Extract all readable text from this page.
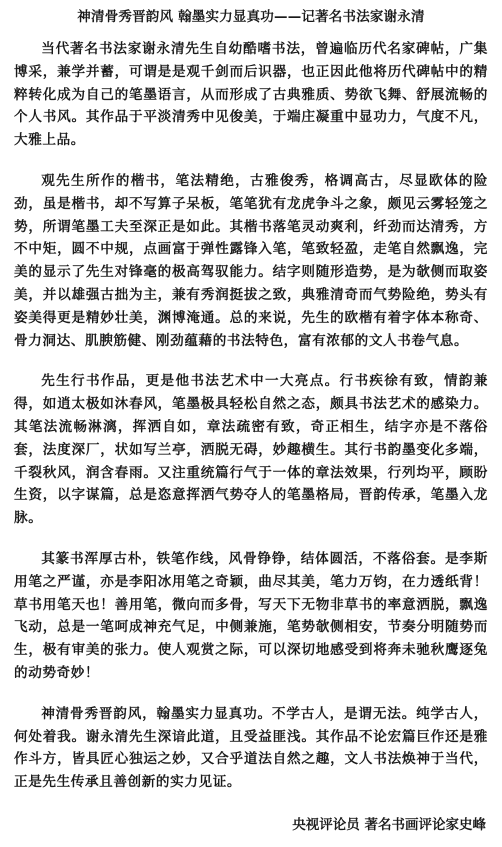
神清骨秀晋韵风 翰墨实力显真功——记著名书法家谢永清

当代著名书法家谢永清先生自幼酷嗜书法，曾遍临历代名家碑帖，广集博采，兼学并蓄，可谓是是观千剑而后识器，也正因此他将历代碑帖中的精粹转化成为自己的笔墨语言，从而形成了古典雅质、势欲飞舞、舒展流畅的个人书风。其作品于平淡清秀中见俊美，于端庄凝重中显功力，气度不凡，大雅上品。

观先生所作的楷书，笔法精绝，古雅俊秀，格调高古，尽显欧体的险劲，虽是楷书，却不写算子呆板，笔笔犹有龙虎争斗之象，颇见云雾轻笼之势，所谓笔墨工夫至深正是如此。其楷书落笔灵动爽利，纤劲而达清秀，方不中矩，圆不中规，点画富于弹性露锋入笔，笔致轻盈，走笔自然飘逸，完美的显示了先生对锋毫的极高驾驭能力。结字则随形造势，是为欹侧而取姿美，并以雄强古拙为主，兼有秀润挺拔之致，典雅清奇而气势险绝，势头有姿美得更是精妙壮美，渊博淹通。总的来说，先生的欧楷有着字体本称奇、骨力洞达、肌腴筋健、刚劲蕴藉的书法特色，富有浓郁的文人书卷气息。

先生行书作品，更是他书法艺术中一大亮点。行书疾徐有致，情韵兼得，如逍太极如沐春风，笔墨极具轻松自然之态，颇具书法艺术的感染力。其笔法流畅淋漓，挥洒自如，章法疏密有致，奇正相生，结字亦是不落俗套，法度深厂，状如写兰亭，洒脱无碍，妙趣横生。其行书韵墨变化多端，千裂秋风，润含春雨。又注重统篇行气于一体的章法效果，行列均平，顾盼生资，以字谋篇，总是恣意挥洒气势夺人的笔墨格局，晋韵传承，笔墨入龙脉。

其篆书浑厚古朴，铁笔作线，风骨铮铮，结体圆活，不落俗套。是李斯用笔之严谨，亦是李阳冰用笔之奇颖，曲尽其美，笔力万钧，在力透纸背！草书用笔天也！善用笔，微向而多骨，写天下无物非草书的率意洒脱，飘逸飞动，总是一笔呵成神充气足，中侧兼施，笔势欹侧相安，节奏分明随势而生，极有审美的张力。使人观赏之际，可以深切地感受到将奔未驰秋鹰逐兔的动势奇妙！

神清骨秀晋韵风，翰墨实力显真功。不学古人，是谓无法。纯学古人，何处着我。谢永清先生深谙此道，且受益匪浅。其作品不论宏篇巨作还是雅作斗方，皆具匠心独运之妙，又合乎道法自然之趣，文人书法焕神于当代，正是先生传承且善创新的实力见证。

央视评论员 著名书画评论家史峰
